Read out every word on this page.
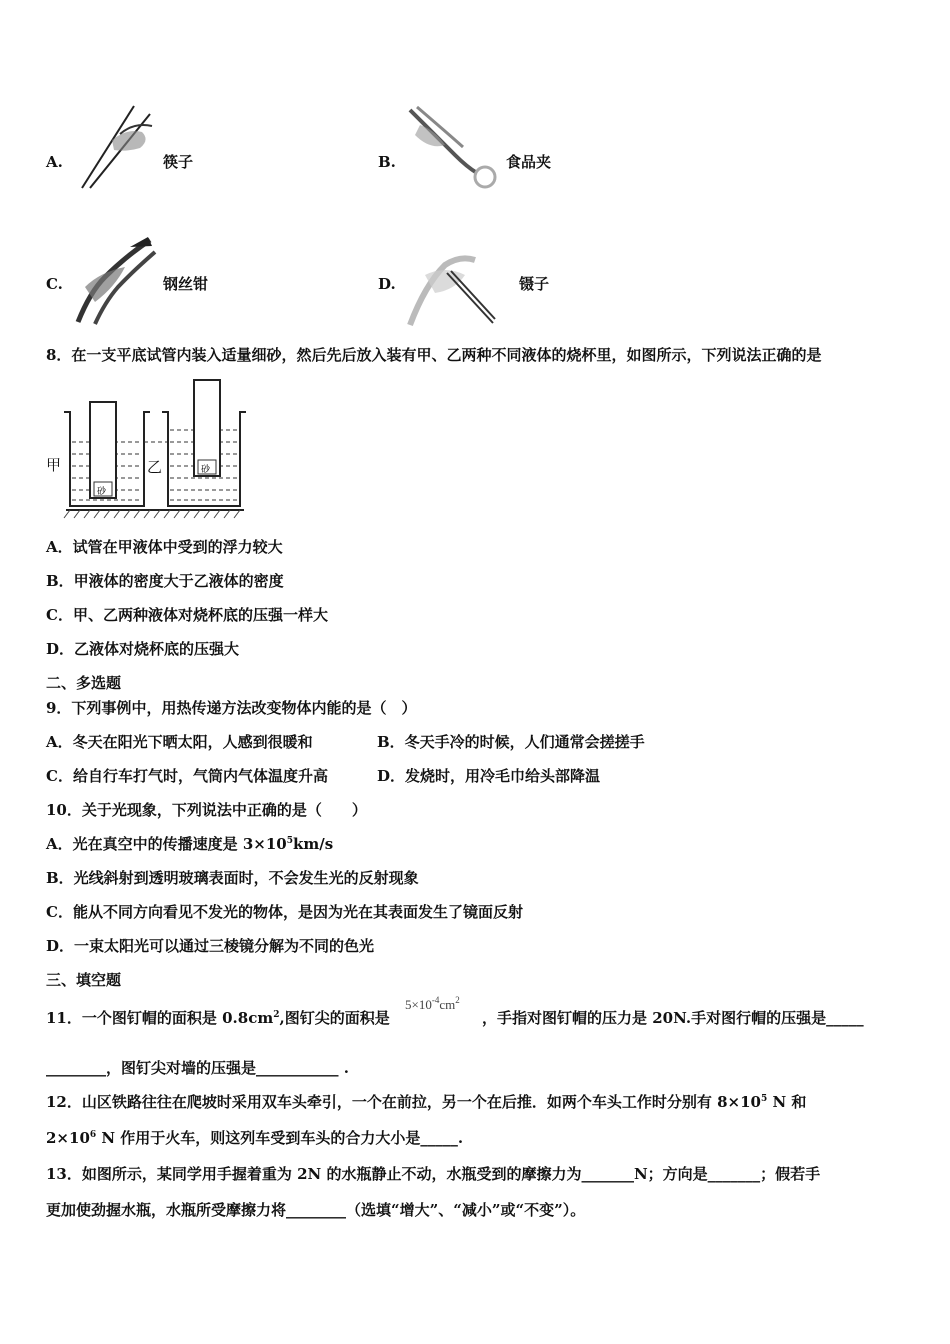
A.	筷子	B.	食品夹
C.	钢丝钳	D.	镊子
8．在一支平底试管内装入适量细砂，然后先后放入装有甲、乙两种不同液体的烧杯里，如图所示，下列说法正确的是
砂
砂
甲	乙
A．试管在甲液体中受到的浮力较大
B．甲液体的密度大于乙液体的密度
C．甲、乙两种液体对烧杯底的压强一样大
D．乙液体对烧杯底的压强大
二、多选题
9．下列事例中，用热传递方法改变物体内能的是（　）
A．冬天在阳光下晒太阳，人感到很暖和	B．冬天手冷的时候，人们通常会搓搓手
C．给自行车打气时，气筒内气体温度升高	D．发烧时，用冷毛巾给头部降温
10．关于光现象，下列说法中正确的是（　　）
A．光在真空中的传播速度是 $3\times 10^5km/s$
B．光线斜射到透明玻璃表面时，不会发生光的反射现象
C．能从不同方向看见不发光的物体，是因为光在其表面发生了镜面反射
D．一束太阳光可以通过三棱镜分解为不同的色光
三、填空题
11．一个图钉帽的面积是 $0.8cm^2$,图钉尖的面积是
$5\times 10^{-4}cm^2$
，手指对图钉帽的压力是 20N.手对图行帽的压强是_____
________，图钉尖对墙的压强是___________ .
12．山区铁路往往在爬坡时采用双车头牵引，一个在前拉，另一个在后推．如两个车头工作时分别有 $8\times 10^5$ N 和
$2\times 10^6$ N 作用于火车，则这列车受到车头的合力大小是_____.
13．如图所示，某同学用手握着重为 2N 的水瓶静止不动，水瓶受到的摩擦力为_______N；方向是_______；假若手
更加使劲握水瓶，水瓶所受摩擦力将________（选填“增大”、“减小”或“不变”）。
